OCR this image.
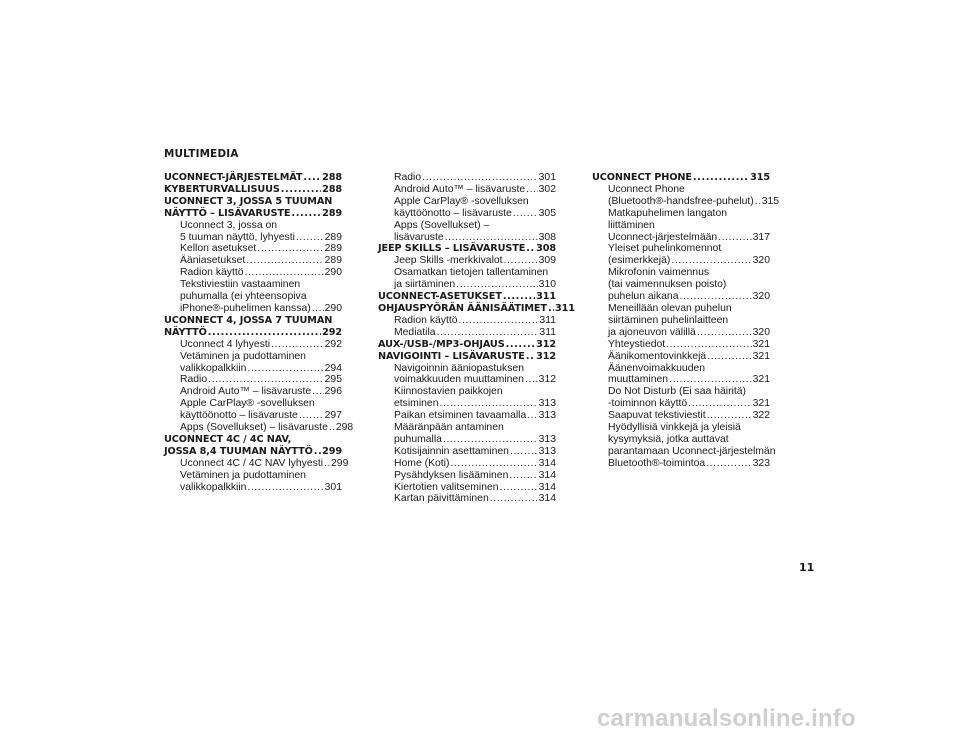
MULTIMEDIA
UCONNECT-JÄRJESTELMÄT ..... 288
KYBERTURVALLISUUS .....	288
UCONNECT 3, JOSSA 5 TUUMAN
NÄYTTÖ – LISÄVARUSTE .....	289
Uconnect 3, jossa on
5 tuuman näyttö, lyhyesti .....	289
Kellon asetukset .....	289
Ääniasetukset .....	289
Radion käyttö .....	290
Tekstiviestiin vastaaminen
puhumalla (ei yhteensopiva
iPhone®-puhelimen kanssa) ..... 290
UCONNECT 4, JOSSA 7 TUUMAN
NÄYTTÖ .....	292
Uconnect 4 lyhyesti .....	292
Vetäminen ja pudottaminen
valikkopalkkiin .....	294
Radio .....	295
Android Auto™ – lisävaruste ..... 296
Apple CarPlay® -sovelluksen
käyttöönotto – lisävaruste .....	297
Apps (Sovellukset) – lisävaruste ..... 298
UCONNECT 4C / 4C NAV,
JOSSA 8,4 TUUMAN NÄYTTÖ ..... 299
Uconnect 4C / 4C NAV lyhyesti ..... 299
Vetäminen ja pudottaminen
valikkopalkkiin .....	301
Radio .....	301
Android Auto™ – lisävaruste ..... 302
Apple CarPlay® -sovelluksen
käyttöönotto – lisävaruste .....	305
Apps (Sovellukset) –
lisävaruste .....	308
JEEP SKILLS – LISÄVARUSTE ..... 308
Jeep Skills -merkkivalot .....	309
Osamatkan tietojen tallentaminen
ja siirtäminen .....	310
UCONNECT-ASETUKSET .....	311
OHJAUSPYÖRÄN ÄÄNISÄÄTIMET ..... 311
Radion käyttö .....	311
Mediatila .....	311
AUX-/USB-/MP3-OHJAUS .....	312
NAVIGOINTI – LISÄVARUSTE ..... 312
Navigoinnin ääniopastuksen
voimakkuuden muuttaminen ..... 312
Kiinnostavien paikkojen
etsiminen .....	313
Paikan etsiminen tavaamalla ..... 313
Määränpään antaminen
puhumalla .....	313
Kotisijainnin asettaminen .....	313
Home (Koti) .....	314
Pysähdyksen lisääminen .....	314
Kiertotien valitseminen .....	314
Kartan päivittäminen .....	314
UCONNECT PHONE .....	315
Uconnect Phone
(Bluetooth®-handsfree-puhelut) ..... 315
Matkapuhelimen langaton
liittäminen
Uconnect-järjestelmään .....	317
Yleiset puhelinkomennot
(esimerkkejä) .....	320
Mikrofonin vaimennus
(tai vaimennuksen poisto)
puhelun aikana .....	320
Meneillään olevan puhelun
siirtäminen puhelinlaitteen
ja ajoneuvon välillä .....	320
Yhteystiedot .....	321
Äänikomentovinkkejä .....	321
Äänenvoimakkuuden
muuttaminen .....	321
Do Not Disturb (Ei saa häiritä)
-toiminnon käyttö .....	321
Saapuvat tekstiviestit .....	322
Hyödyllisiä vinkkejä ja yleisiä
kysymyksiä, jotka auttavat
parantamaan Uconnect-järjestelmän
Bluetooth®-toimintoa .....	323
11
carmanualsonline.info
